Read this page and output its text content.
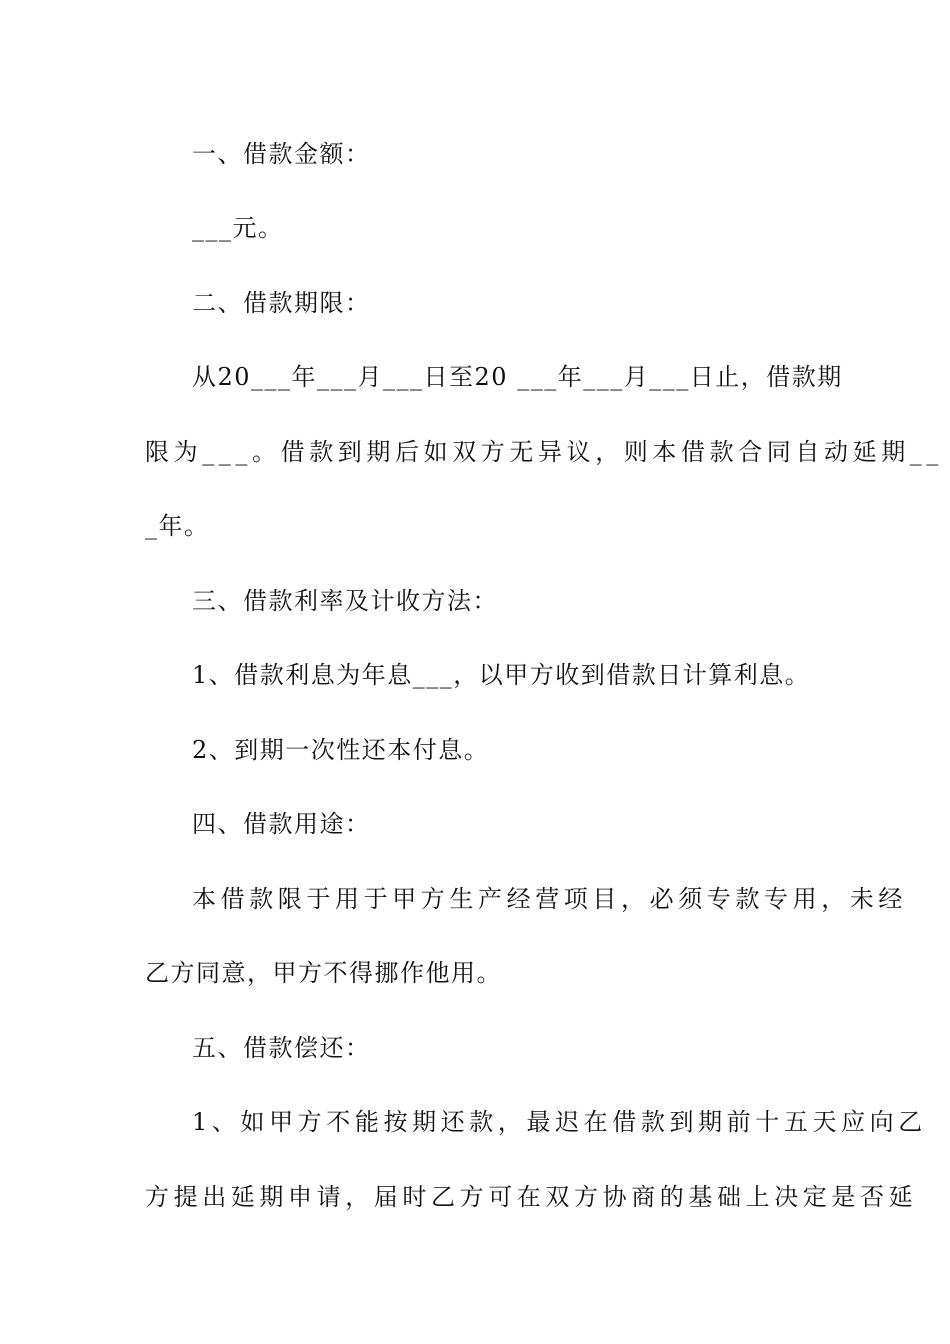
一、借款金额：
___元。
二、借款期限：
从20___年___月___日至20 ___年___月___日止，借款期
限为___。借款到期后如双方无异议，则本借款合同自动延期__
_年。
三、借款利率及计收方法：
1、借款利息为年息___，以甲方收到借款日计算利息。
2、到期一次性还本付息。
四、借款用途：
本借款限于用于甲方生产经营项目，必须专款专用，未经
乙方同意，甲方不得挪作他用。
五、借款偿还：
1、如甲方不能按期还款，最迟在借款到期前十五天应向乙
方提出延期申请，届时乙方可在双方协商的基础上决定是否延
